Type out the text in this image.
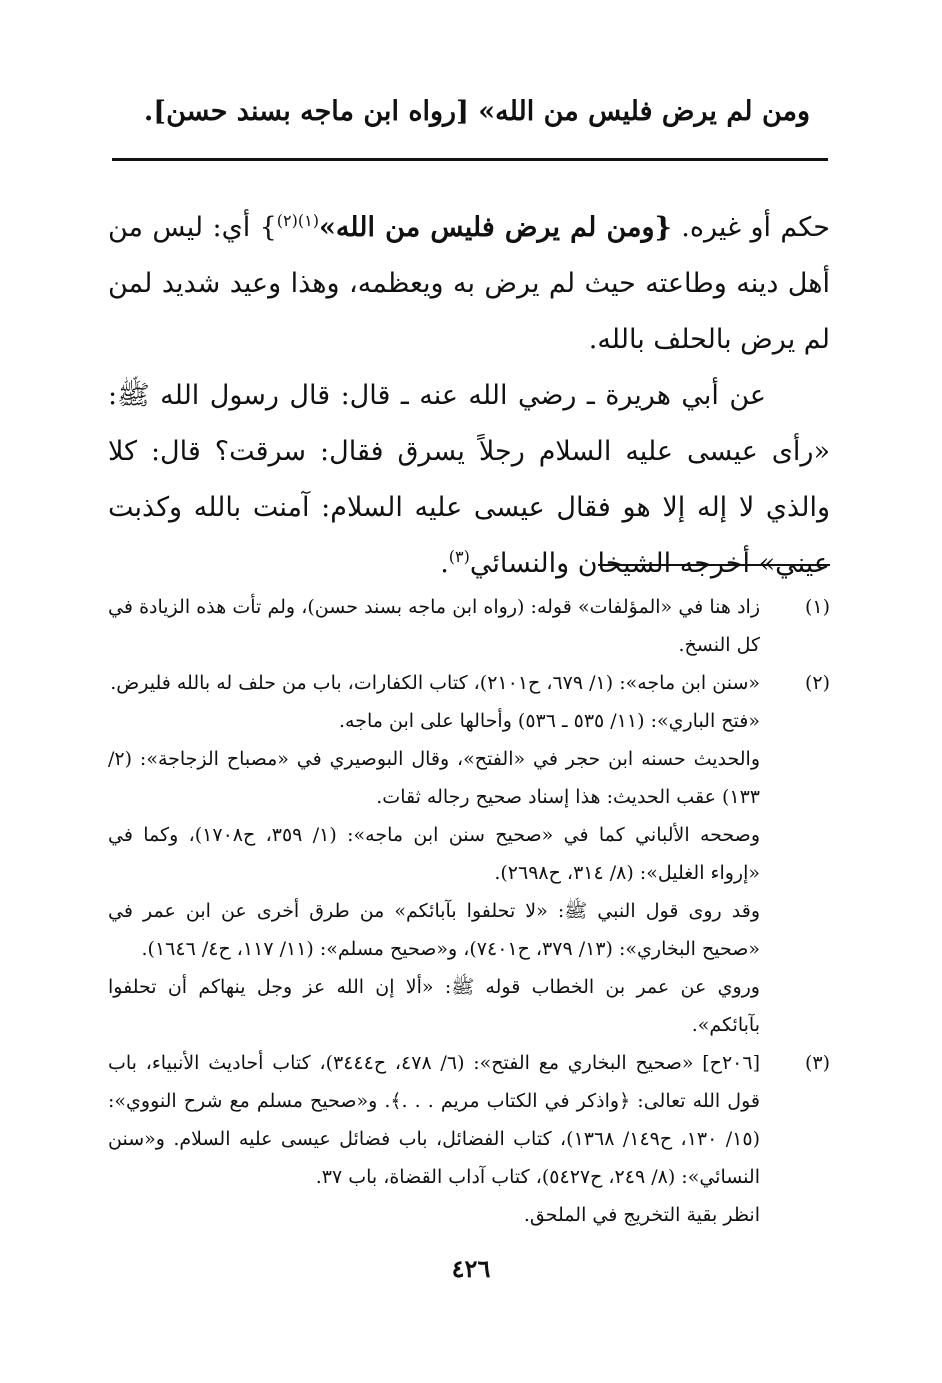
ومن لم يرض فليس من الله» [رواه ابن ماجه بسند حسن].

حكم أو غيره. {ومن لم يرض فليس من الله»$^{(١)(٢)}$} أي: ليس من أهل دينه وطاعته حيث لم يرض به ويعظمه، وهذا وعيد شديد لمن لم يرض بالحلف بالله.

عن أبي هريرة ـ رضي الله عنه ـ قال: قال رسول الله ﷺ: «رأى عيسى عليه السلام رجلاً يسرق فقال: سرقت؟ قال: كلا والذي لا إله إلا هو فقال عيسى عليه السلام: آمنت بالله وكذبت عيني» أخرجه الشيخان والنسائي$^{(٣)}$.

(١)

زاد هنا في «المؤلفات» قوله: (رواه ابن ماجه بسند حسن)، ولم تأت هذه الزيادة في كل النسخ.

(٢)

«سنن ابن ماجه»: (١/ ٦٧٩، ح٢١٠١)، كتاب الكفارات، باب من حلف له بالله فليرض.

«فتح الباري»: (١١/ ٥٣٥ ـ ٥٣٦) وأحالها على ابن ماجه.

والحديث حسنه ابن حجر في «الفتح»، وقال البوصيري في «مصباح الزجاجة»: (٢/ ١٣٣) عقب الحديث: هذا إسناد صحيح رجاله ثقات.

وصححه الألباني كما في «صحيح سنن ابن ماجه»: (١/ ٣٥٩، ح١٧٠٨)، وكما في «إرواء الغليل»: (٨/ ٣١٤، ح٢٦٩٨).

وقد روى قول النبي ﷺ: «لا تحلفوا بآبائكم» من طرق أخرى عن ابن عمر في «صحيح البخاري»: (١٣/ ٣٧٩، ح٧٤٠١)، و«صحيح مسلم»: (١١/ ١١٧، ح٤/ ١٦٤٦).

وروي عن عمر بن الخطاب قوله ﷺ: «ألا إن الله عز وجل ينهاكم أن تحلفوا بآبائكم».

(٣)

[٢٠٦ح] «صحيح البخاري مع الفتح»: (٦/ ٤٧٨، ح٣٤٤٤)، كتاب أحاديث الأنبياء، باب قول الله تعالى: ﴿واذكر في الكتاب مريم . . .﴾. و«صحيح مسلم مع شرح النووي»: (١٥/ ١٣٠، ح١٤٩/ ١٣٦٨)، كتاب الفضائل، باب فضائل عيسى عليه السلام. و«سنن النسائي»: (٨/ ٢٤٩، ح٥٤٢٧)، كتاب آداب القضاة، باب ٣٧.

انظر بقية التخريج في الملحق.

٤٢٦
